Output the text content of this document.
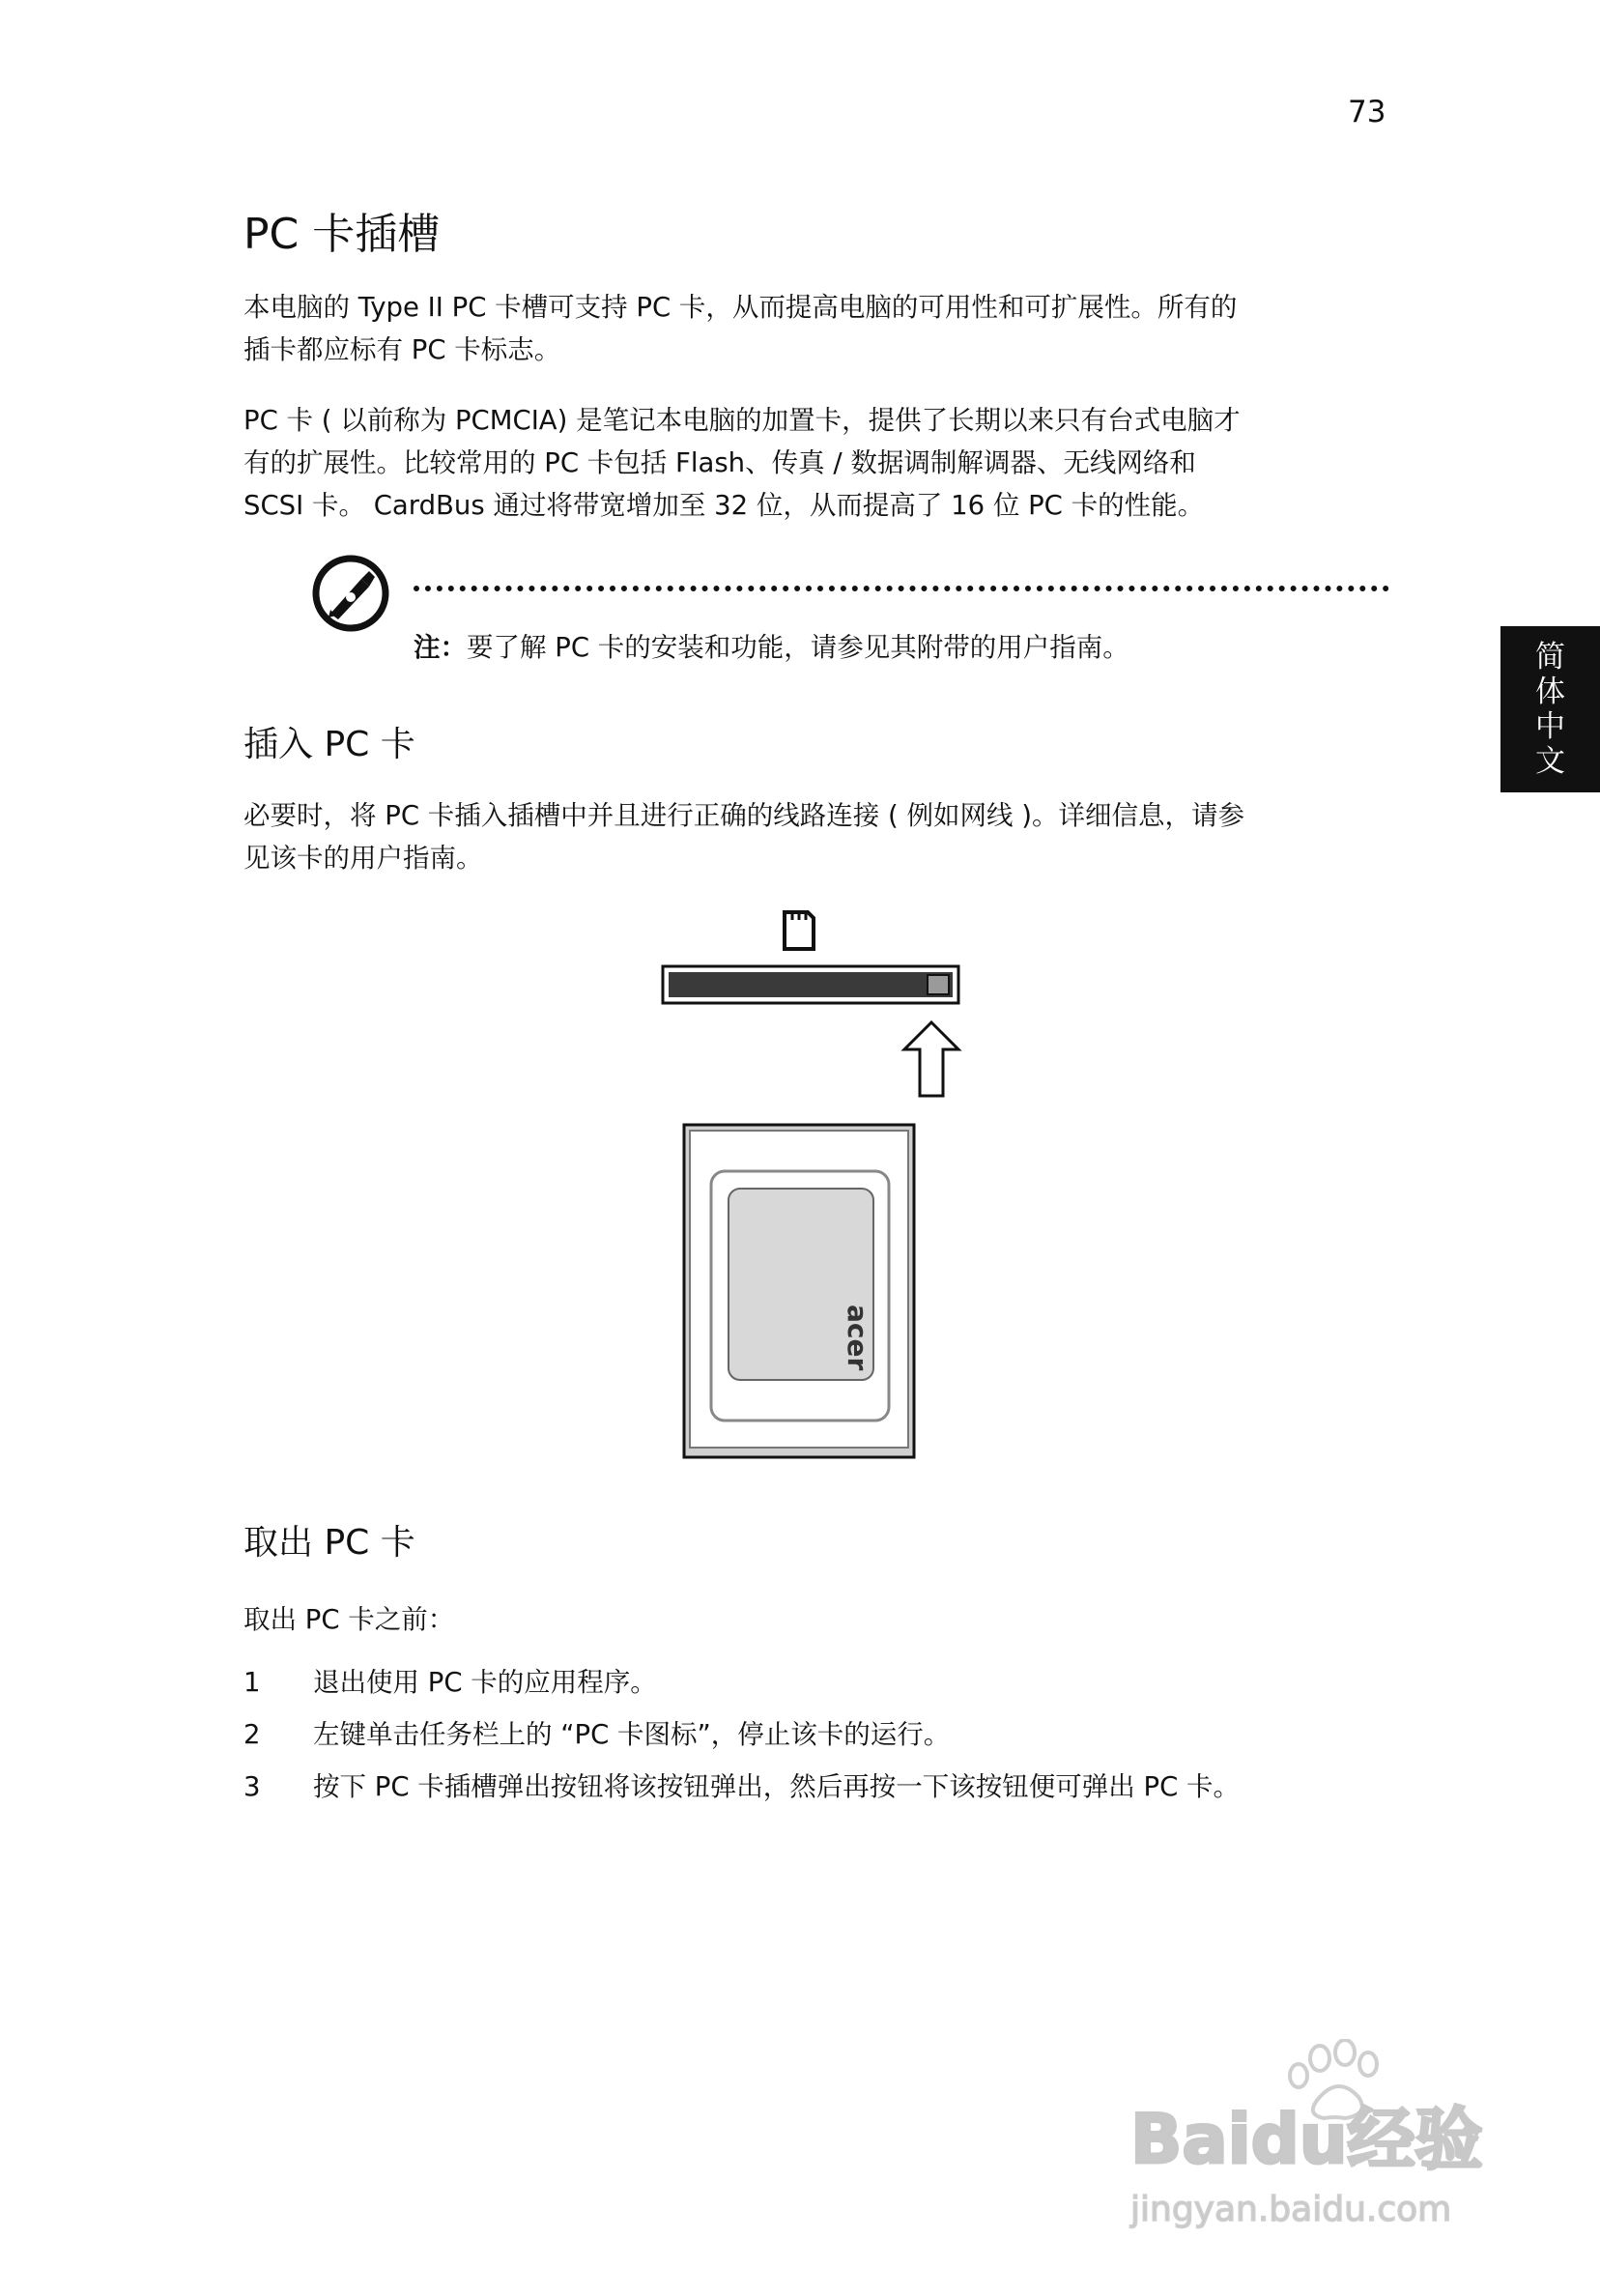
73
简
体
中
文
PC 卡插槽

本电脑的 Type II PC 卡槽可支持 PC 卡，从而提高电脑的可用性和可扩展性。所有的
插卡都应标有 PC 卡标志。

PC 卡 ( 以前称为 PCMCIA) 是笔记本电脑的加置卡，提供了长期以来只有台式电脑才
有的扩展性。比较常用的 PC 卡包括 Flash、传真 / 数据调制解调器、无线网络和
SCSI 卡。 CardBus 通过将带宽增加至 32 位，从而提高了 16 位 PC 卡的性能。

注：要了解 PC 卡的安装和功能，请参见其附带的用户指南。
插入 PC 卡

必要时，将 PC 卡插入插槽中并且进行正确的线路连接 ( 例如网线 )。详细信息，请参
见该卡的用户指南。

acer
取出 PC 卡

取出 PC 卡之前：

1 退出使用 PC 卡的应用程序。
2 左键单击任务栏上的 “PC 卡图标”，停止该卡的运行。
3 按下 PC 卡插槽弹出按钮将该按钮弹出，然后再按一下该按钮便可弹出 PC 卡。
Baidu经验
jingyan.baidu.com
